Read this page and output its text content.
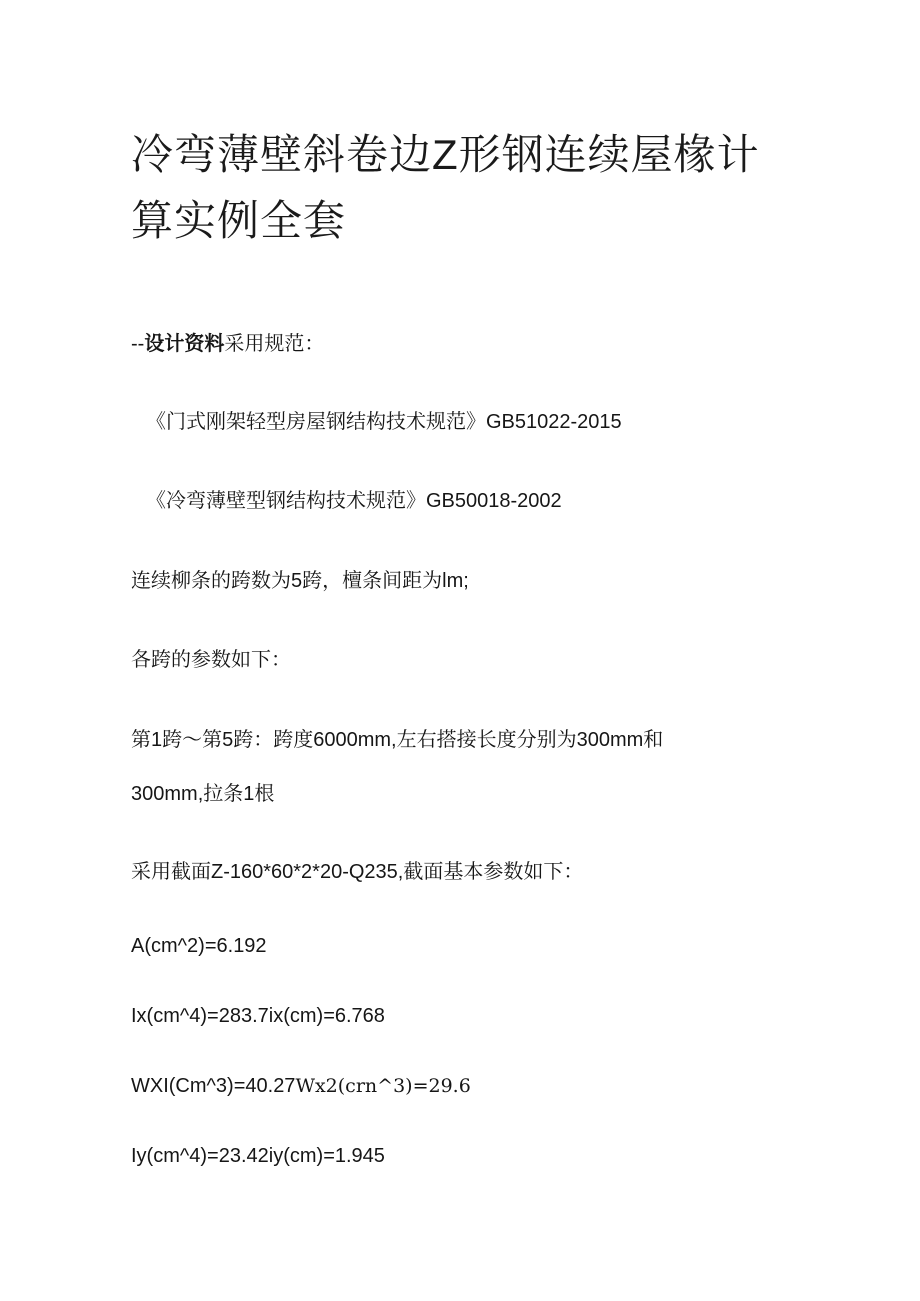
冷弯薄壁斜卷边Z形钢连续屋椽计算实例全套
--设计资料采用规范：
《门式刚架轻型房屋钢结构技术规范》GB51022-2015
《冷弯薄壁型钢结构技术规范》GB50018-2002
连续柳条的跨数为5跨，檀条间距为lm;
各跨的参数如下：
第1跨〜第5跨：跨度6000mm,左右搭接长度分别为300mm和
300mm,拉条1根
采用截面Z-160*60*2*20-Q235,截面基本参数如下：
A(cm^2)=6.192
Ix(cm^4)=283.7ix(cm)=6.768
WXI(Cm^3)=40.27Wx2(crn^3)=29.6
Iy(cm^4)=23.42iy(cm)=1.945
